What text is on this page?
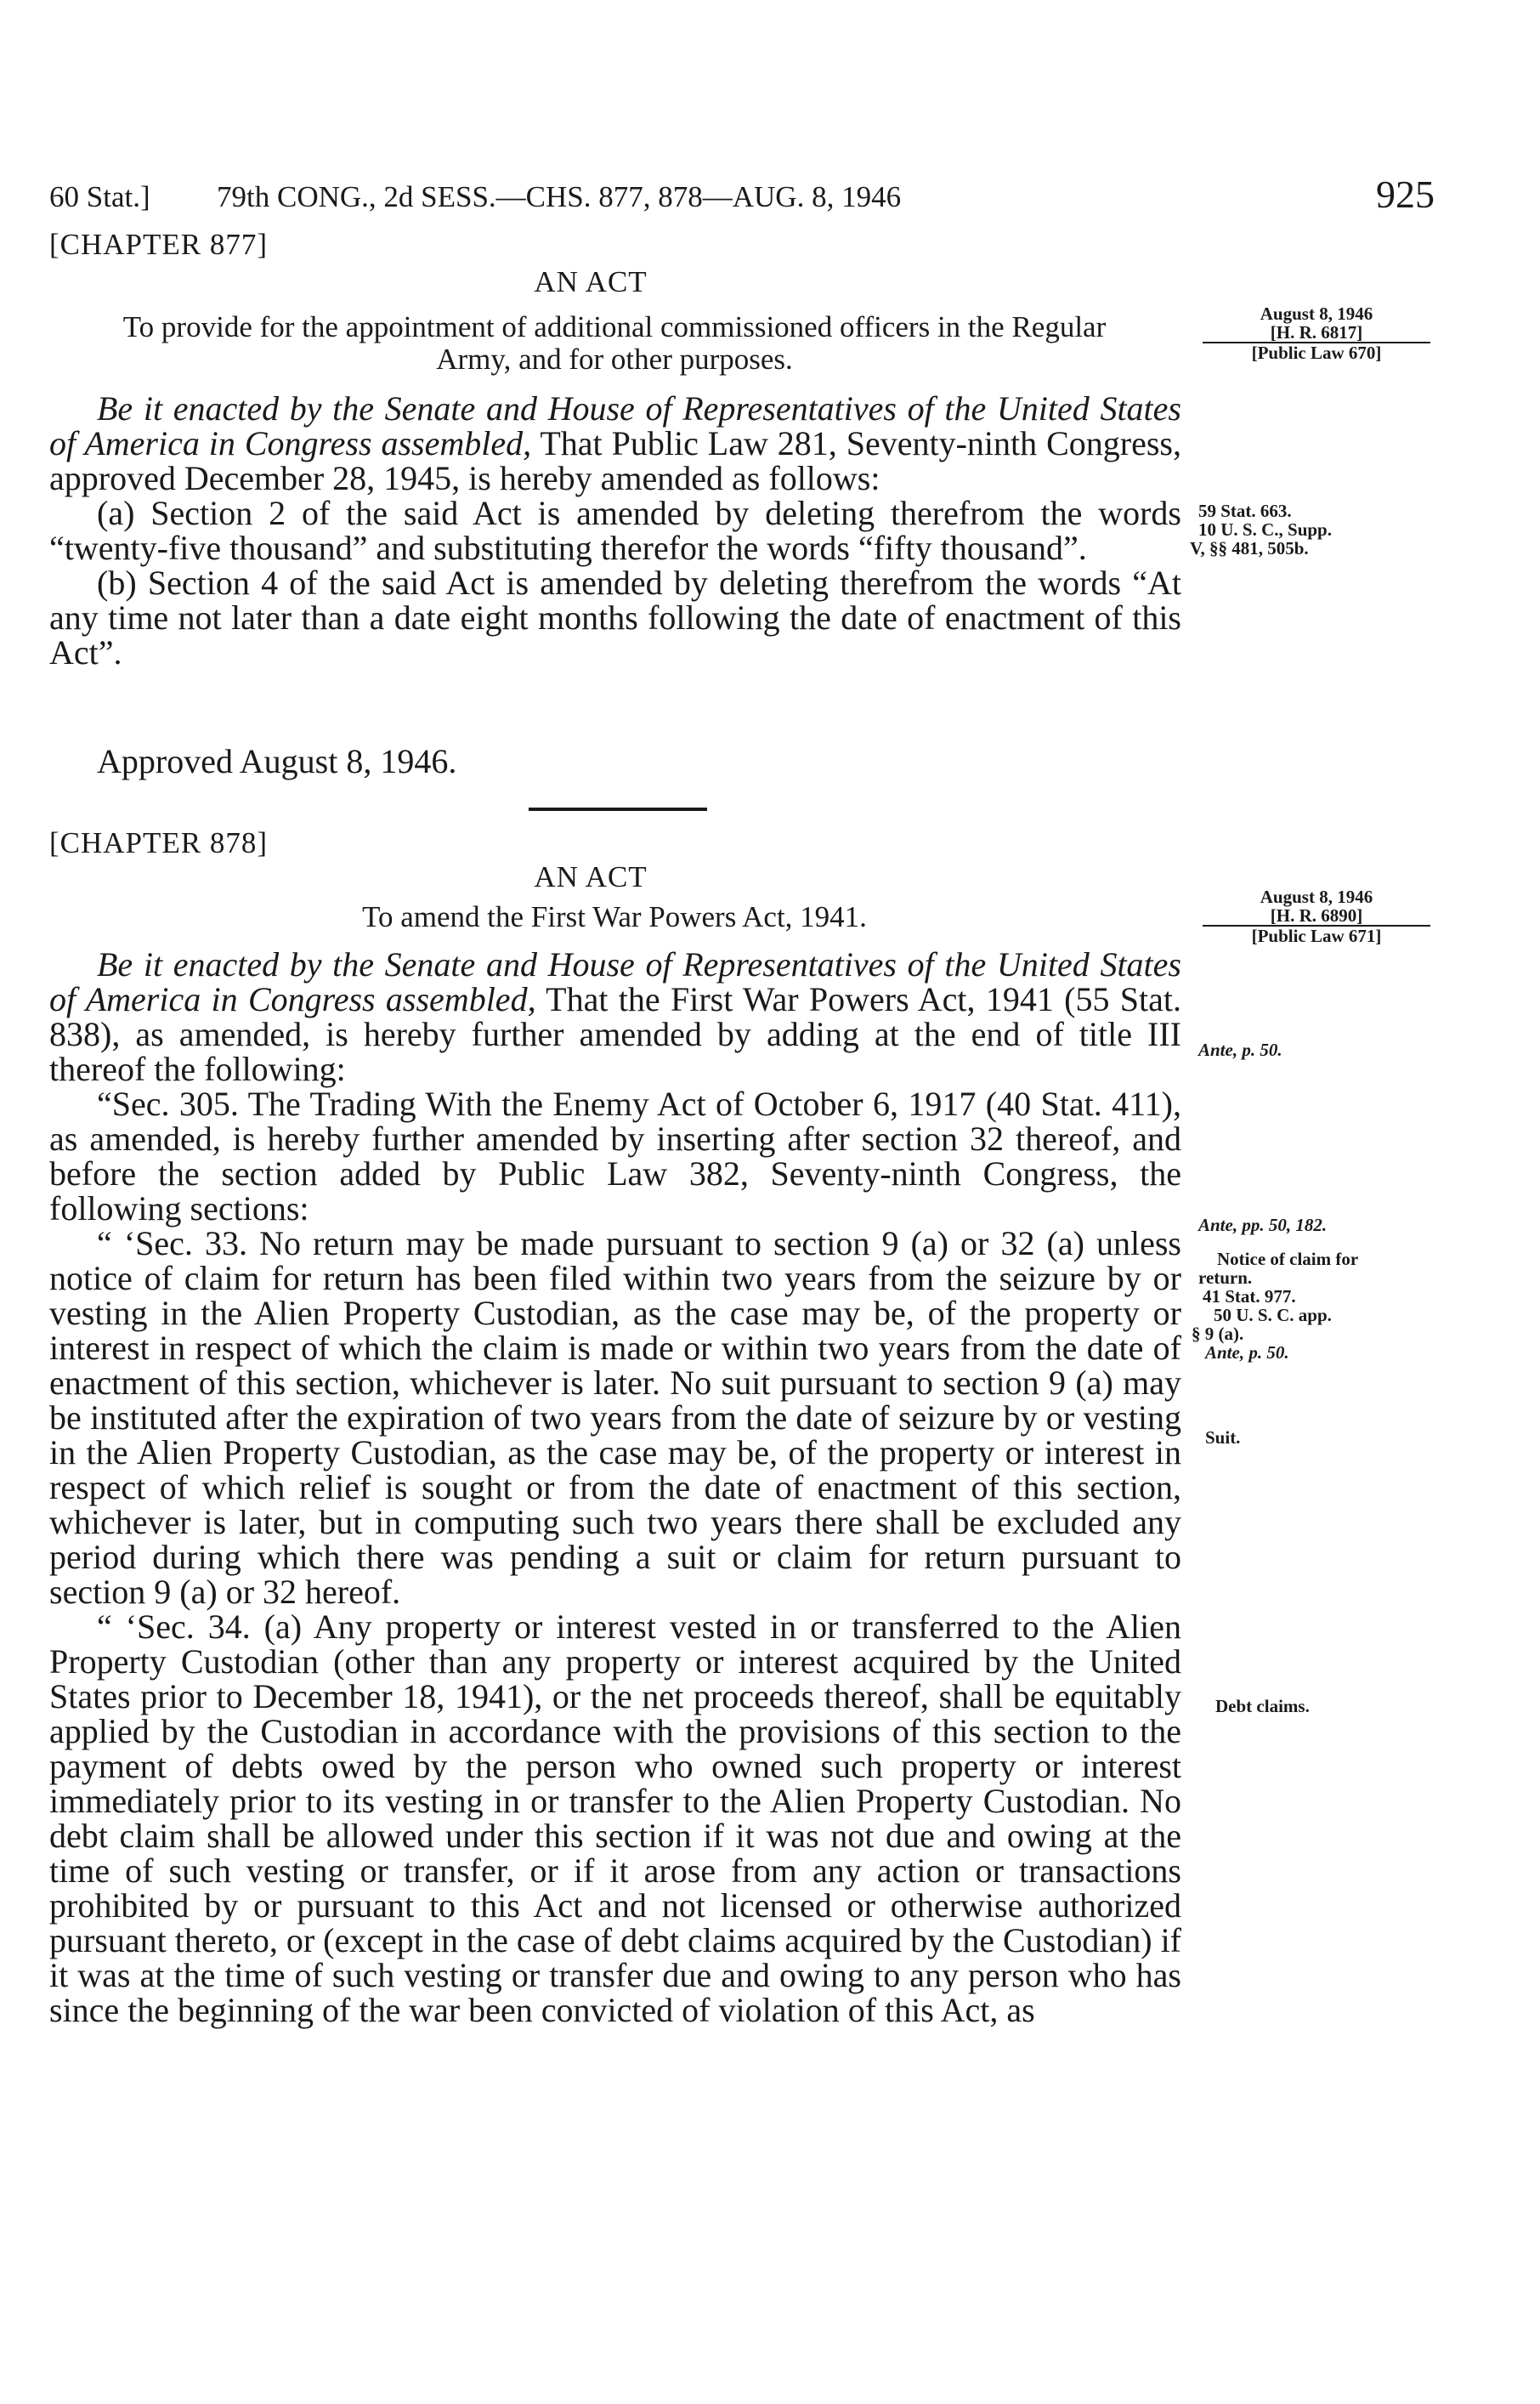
60 Stat.] 79th CONG., 2d SESS.—CHS. 877, 878—AUG. 8, 1946	925
[CHAPTER 877]
AN ACT
To provide for the appointment of additional commissioned officers in the Regular
Army, and for other purposes.
August 8, 1946
[H. R. 6817]
[Public Law 670]

Be it enacted by the Senate and House of Representatives of the United States of America in Congress assembled, That Public Law 281, Seventy-ninth Congress, approved December 28, 1945, is hereby amended as follows:

(a) Section 2 of the said Act is amended by deleting therefrom the words “twenty-five thousand” and substituting therefor the words “fifty thousand”.

(b) Section 4 of the said Act is amended by deleting therefrom the words “At any time not later than a date eight months following the date of enactment of this Act”.

Approved August 8, 1946.
59 Stat. 663.
10 U. S. C., Supp.
V, §§ 481, 505b.
[CHAPTER 878]
AN ACT
To amend the First War Powers Act, 1941.
August 8, 1946
[H. R. 6890]
[Public Law 671]

Be it enacted by the Senate and House of Representatives of the United States of America in Congress assembled, That the First War Powers Act, 1941 (55 Stat. 838), as amended, is hereby further amended by adding at the end of title III thereof the following:

“Sec. 305. The Trading With the Enemy Act of October 6, 1917 (40 Stat. 411), as amended, is hereby further amended by inserting after section 32 thereof, and before the section added by Public Law 382, Seventy-ninth Congress, the following sections:

“ ‘Sec. 33. No return may be made pursuant to section 9 (a) or 32 (a) unless notice of claim for return has been filed within two years from the seizure by or vesting in the Alien Property Custodian, as the case may be, of the property or interest in respect of which the claim is made or within two years from the date of enactment of this section, whichever is later. No suit pursuant to section 9 (a) may be instituted after the expiration of two years from the date of seizure by or vesting in the Alien Property Custodian, as the case may be, of the property or interest in respect of which relief is sought or from the date of enactment of this section, whichever is later, but in computing such two years there shall be excluded any period during which there was pending a suit or claim for return pursuant to section 9 (a) or 32 hereof.

“ ‘Sec. 34. (a) Any property or interest vested in or transferred to the Alien Property Custodian (other than any property or interest acquired by the United States prior to December 18, 1941), or the net proceeds thereof, shall be equitably applied by the Custodian in accordance with the provisions of this section to the payment of debts owed by the person who owned such property or interest immediately prior to its vesting in or transfer to the Alien Property Custodian. No debt claim shall be allowed under this section if it was not due and owing at the time of such vesting or transfer, or if it arose from any action or transactions prohibited by or pursuant to this Act and not licensed or otherwise authorized pursuant thereto, or (except in the case of debt claims acquired by the Custodian) if it was at the time of such vesting or transfer due and owing to any person who has since the beginning of the war been convicted of violation of this Act, as

Ante, p. 50.
Ante, pp. 50, 182.
Notice of claim for
return.
41 Stat. 977.
50 U. S. C. app.
§ 9 (a).
Ante, p. 50.
Suit.
Debt claims.
